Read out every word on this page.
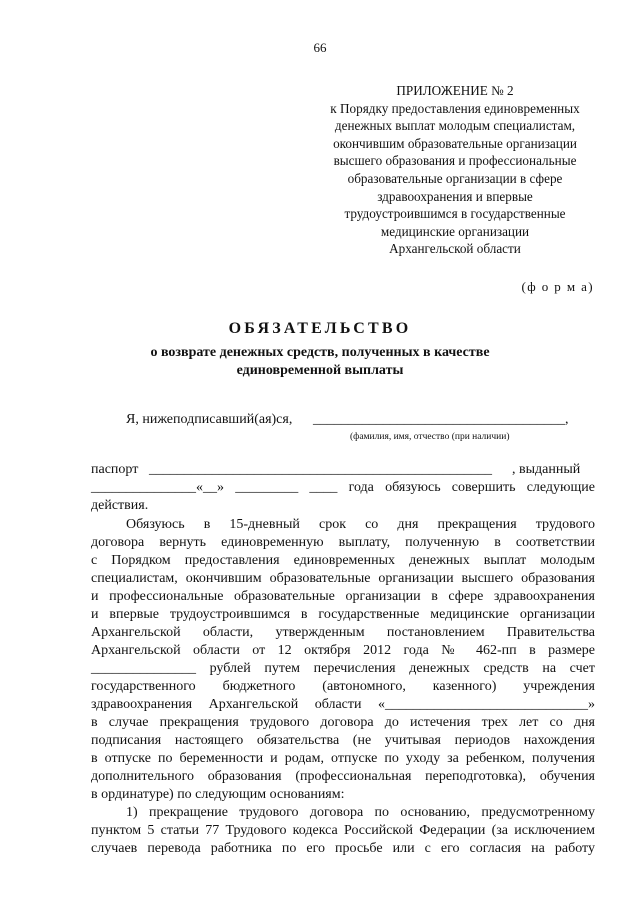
66
ПРИЛОЖЕНИЕ № 2
к Порядку предоставления единовременных
денежных выплат молодым специалистам,
окончившим образовательные организации
высшего образования и профессиональные
образовательные организации в сфере
здравоохранения и впервые
трудоустроившимся в государственные
медицинские организации
Архангельской области
(ф о р м а)
ОБЯЗАТЕЛЬСТВО
о возврате денежных средств, полученных в качестве
единовременной выплаты
Я, нижеподписавший(ая)ся, ____________________________________,
(фамилия, имя, отчество (при наличии)
паспорт _________________________________________________ , выданный
_______________«__» _________ ____ года обязуюсь совершить следующие
действия.
Обязуюсь в 15-дневный срок со дня прекращения трудового
договора вернуть единовременную выплату, полученную в соответствии
с Порядком предоставления единовременных денежных выплат молодым
специалистам, окончившим образовательные организации высшего образования
и профессиональные образовательные организации в сфере здравоохранения
и впервые трудоустроившимся в государственные медицинские организации
Архангельской области, утвержденным постановлением Правительства
Архангельской области от 12 октября 2012 года № 462-пп в размере
_______________ рублей путем перечисления денежных средств на счет
государственного бюджетного (автономного, казенного) учреждения
здравоохранения Архангельской области «_____________________________»
в случае прекращения трудового договора до истечения трех лет со дня
подписания настоящего обязательства (не учитывая периодов нахождения
в отпуске по беременности и родам, отпуске по уходу за ребенком, получения
дополнительного образования (профессиональная переподготовка), обучения
в ординатуре) по следующим основаниям:
1) прекращение трудового договора по основанию, предусмотренному
пунктом 5 статьи 77 Трудового кодекса Российской Федерации (за исключением
случаев перевода работника по его просьбе или с его согласия на работу
